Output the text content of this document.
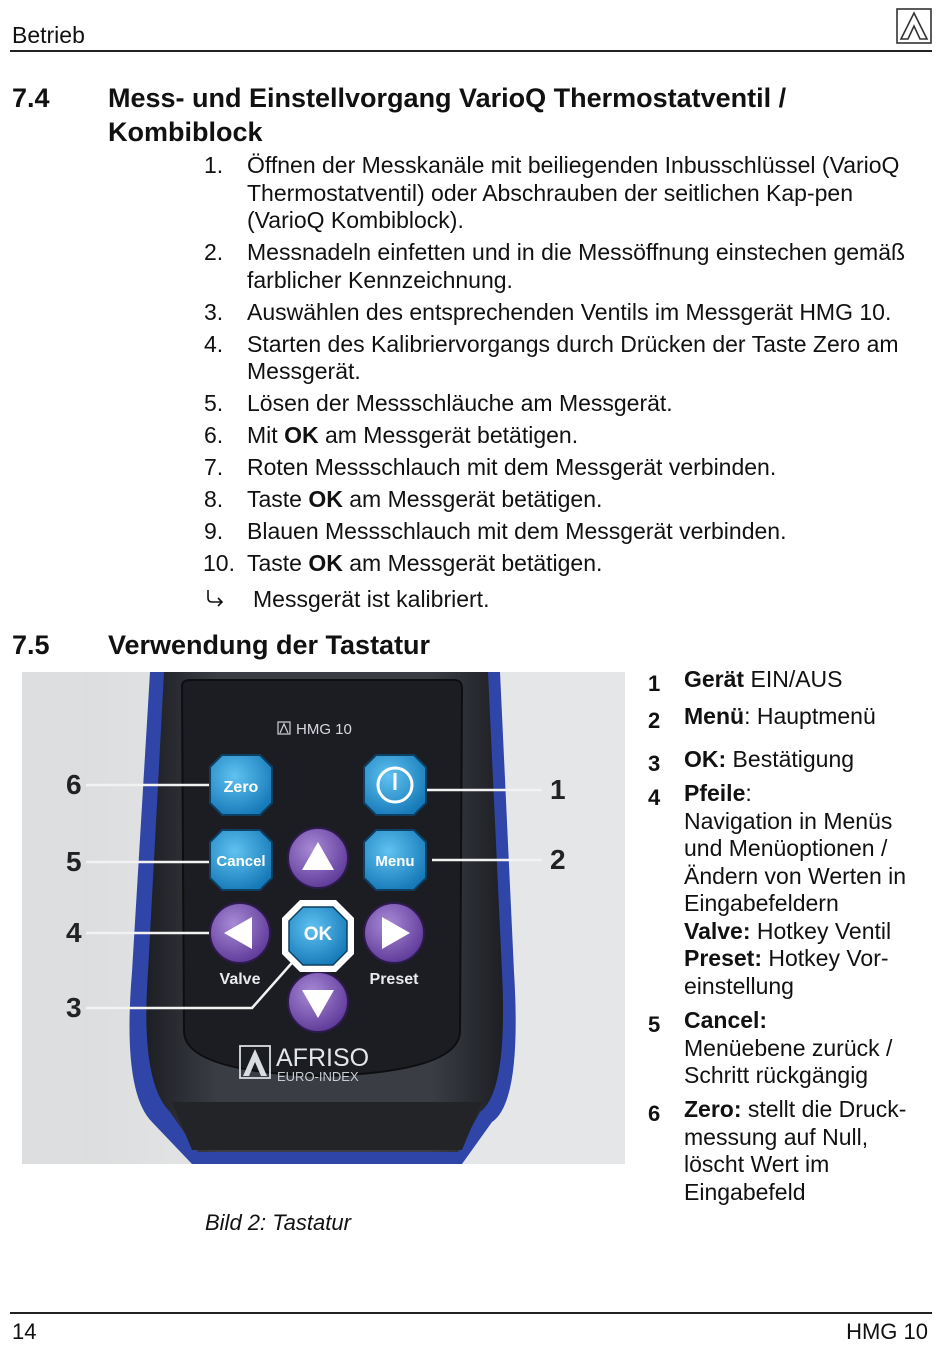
Betrieb
7.4 Mess- und Einstellvorgang VarioQ Thermostatventil /
Kombiblock
1. Öffnen der Messkanäle mit beiliegenden Inbusschlüssel (VarioQ Thermostatventil) oder Abschrauben der seitlichen Kap-pen (VarioQ Kombiblock).
2. Messnadeln einfetten und in die Messöffnung einstechen gemäß farblicher Kennzeichnung.
3. Auswählen des entsprechenden Ventils im Messgerät HMG 10.
4. Starten des Kalibriervorgangs durch Drücken der Taste Zero am Messgerät.
5. Lösen der Messschläuche am Messgerät.
6. Mit OK am Messgerät betätigen.
7. Roten Messschlauch mit dem Messgerät verbinden.
8. Taste OK am Messgerät betätigen.
9. Blauen Messschlauch mit dem Messgerät verbinden.
10. Taste OK am Messgerät betätigen.
Messgerät ist kalibriert.
7.5 Verwendung der Tastatur
HMG 10
6
5
4
3
1
2
Zero
Cancel	Menu
OK
Valve	Preset
AFRISO
EURO-INDEX
Bild 2: Tastatur
1 Gerät EIN/AUS
2 Menü: Hauptmenü
3 OK: Bestätigung
4 Pfeile:
Navigation in Menüs und Menüoptionen / Ändern von Werten in Eingabefeldern
Valve: Hotkey Ventil
Preset: Hotkey Vor-einstellung
5 Cancel:
Menüebene zurück / Schritt rückgängig
6 Zero: stellt die Druck-messung auf Null, löscht Wert im Eingabefeld
14	HMG 10
